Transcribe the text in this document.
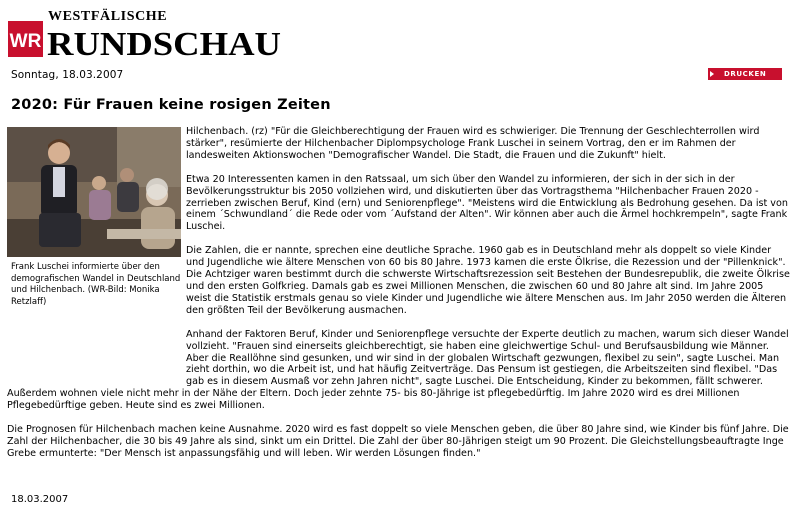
WR
WESTFÄLISCHE
RUNDSCHAU
Sonntag, 18.03.2007	DRUCKEN
2020: Für Frauen keine rosigen Zeiten
Frank Luschei informierte über den demografischen Wandel in Deutschland und Hilchenbach. (WR-Bild: Monika Retzlaff)

Hilchenbach. (rz) "Für die Gleichberechtigung der Frauen wird es schwieriger. Die Trennung der Geschlechterrollen wird stärker", resümierte der Hilchenbacher Diplompsychologe Frank Luschei in seinem Vortrag, den er im Rahmen der landesweiten Aktionswochen "Demografischer Wandel. Die Stadt, die Frauen und die Zukunft" hielt.

Etwa 20 Interessenten kamen in den Ratssaal, um sich über den Wandel zu informieren, der sich in der sich in der Bevölkerungsstruktur bis 2050 vollziehen wird, und diskutierten über das Vortragsthema "Hilchenbacher Frauen 2020 - zerrieben zwischen Beruf, Kind (ern) und Seniorenpflege". "Meistens wird die Entwicklung als Bedrohung gesehen. Da ist von einem ´Schwundland´ die Rede oder vom ´Aufstand der Alten". Wir können aber auch die Ärmel hochkrempeln", sagte Frank Luschei.

Die Zahlen, die er nannte, sprechen eine deutliche Sprache. 1960 gab es in Deutschland mehr als doppelt so viele Kinder und Jugendliche wie ältere Menschen von 60 bis 80 Jahre. 1973 kamen die erste Ölkrise, die Rezession und der "Pillenknick". Die Achtziger waren bestimmt durch die schwerste Wirtschaftsrezession seit Bestehen der Bundesrepublik, die zweite Ölkrise und den ersten Golfkrieg. Damals gab es zwei Millionen Menschen, die zwischen 60 und 80 Jahre alt sind. Im Jahre 2005 weist die Statistik erstmals genau so viele Kinder und Jugendliche wie ältere Menschen aus. Im Jahr 2050 werden die Älteren den größten Teil der Bevölkerung ausmachen.

Anhand der Faktoren Beruf, Kinder und Seniorenpflege versuchte der Experte deutlich zu machen, warum sich dieser Wandel vollzieht. "Frauen sind einerseits gleichberechtigt, sie haben eine gleichwertige Schul- und Berufsausbildung wie Männer. Aber die Reallöhne sind gesunken, und wir sind in der globalen Wirtschaft gezwungen, flexibel zu sein", sagte Luschei. Man zieht dorthin, wo die Arbeit ist, und hat häufig Zeitverträge. Das Pensum ist gestiegen, die Arbeitszeiten sind flexibel. "Das gab es in diesem Ausmaß vor zehn Jahren nicht", sagte Luschei. Die Entscheidung, Kinder zu bekommen, fällt schwerer. Außerdem wohnen viele nicht mehr in der Nähe der Eltern. Doch jeder zehnte 75- bis 80-Jährige ist pflegebedürftig. Im Jahre 2020 wird es drei Millionen Pflegebedürftige geben. Heute sind es zwei Millionen.

Die Prognosen für Hilchenbach machen keine Ausnahme. 2020 wird es fast doppelt so viele Menschen geben, die über 80 Jahre sind, wie Kinder bis fünf Jahre. Die Zahl der Hilchenbacher, die 30 bis 49 Jahre als sind, sinkt um ein Drittel. Die Zahl der über 80-Jährigen steigt um 90 Prozent. Die Gleichstellungsbeauftragte Inge Grebe ermunterte: "Der Mensch ist anpassungsfähig und will leben. Wir werden Lösungen finden."

18.03.2007
